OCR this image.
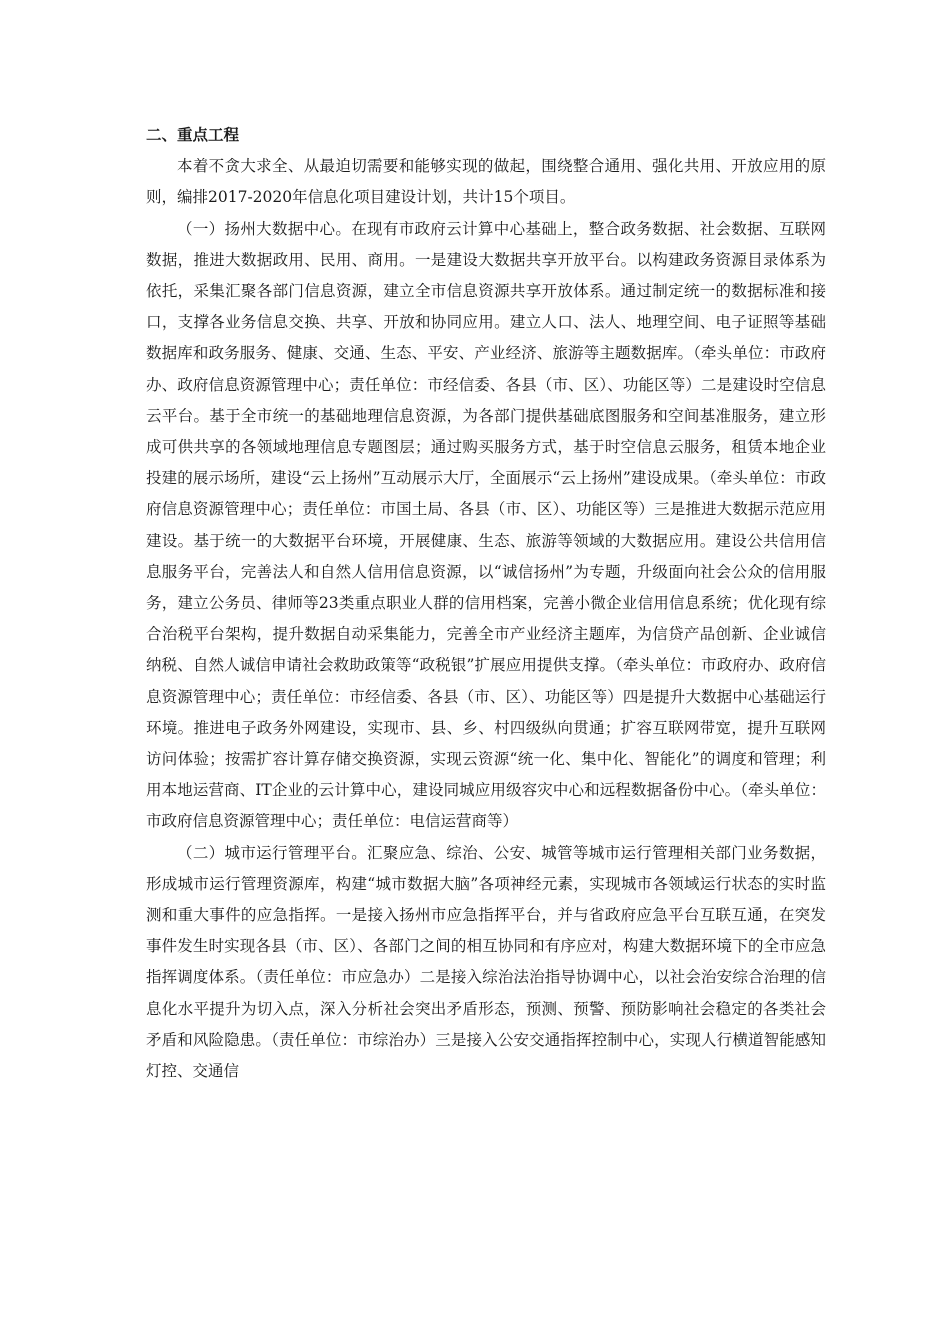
二、重点工程

本着不贪大求全、从最迫切需要和能够实现的做起，围绕整合通用、强化共用、开放应用的原则，编排2017-2020年信息化项目建设计划，共计15个项目。

（一）扬州大数据中心。在现有市政府云计算中心基础上，整合政务数据、社会数据、互联网数据，推进大数据政用、民用、商用。一是建设大数据共享开放平台。以构建政务资源目录体系为依托，采集汇聚各部门信息资源，建立全市信息资源共享开放体系。通过制定统一的数据标准和接口，支撑各业务信息交换、共享、开放和协同应用。建立人口、法人、地理空间、电子证照等基础数据库和政务服务、健康、交通、生态、平安、产业经济、旅游等主题数据库。（牵头单位：市政府办、政府信息资源管理中心；责任单位：市经信委、各县（市、区）、功能区等）二是建设时空信息云平台。基于全市统一的基础地理信息资源，为各部门提供基础底图服务和空间基准服务，建立形成可供共享的各领域地理信息专题图层；通过购买服务方式，基于时空信息云服务，租赁本地企业投建的展示场所，建设“云上扬州”互动展示大厅，全面展示“云上扬州”建设成果。（牵头单位：市政府信息资源管理中心；责任单位：市国土局、各县（市、区）、功能区等）三是推进大数据示范应用建设。基于统一的大数据平台环境，开展健康、生态、旅游等领域的大数据应用。建设公共信用信息服务平台，完善法人和自然人信用信息资源，以“诚信扬州”为专题，升级面向社会公众的信用服务，建立公务员、律师等23类重点职业人群的信用档案，完善小微企业信用信息系统；优化现有综合治税平台架构，提升数据自动采集能力，完善全市产业经济主题库，为信贷产品创新、企业诚信纳税、自然人诚信申请社会救助政策等“政税银”扩展应用提供支撑。（牵头单位：市政府办、政府信息资源管理中心；责任单位：市经信委、各县（市、区）、功能区等）四是提升大数据中心基础运行环境。推进电子政务外网建设，实现市、县、乡、村四级纵向贯通；扩容互联网带宽，提升互联网访问体验；按需扩容计算存储交换资源，实现云资源“统一化、集中化、智能化”的调度和管理；利用本地运营商、IT企业的云计算中心，建设同城应用级容灾中心和远程数据备份中心。（牵头单位：市政府信息资源管理中心；责任单位：电信运营商等）

（二）城市运行管理平台。汇聚应急、综治、公安、城管等城市运行管理相关部门业务数据，形成城市运行管理资源库，构建“城市数据大脑”各项神经元素，实现城市各领域运行状态的实时监测和重大事件的应急指挥。一是接入扬州市应急指挥平台，并与省政府应急平台互联互通，在突发事件发生时实现各县（市、区）、各部门之间的相互协同和有序应对，构建大数据环境下的全市应急指挥调度体系。（责任单位：市应急办）二是接入综治法治指导协调中心，以社会治安综合治理的信息化水平提升为切入点，深入分析社会突出矛盾形态，预测、预警、预防影响社会稳定的各类社会矛盾和风险隐患。（责任单位：市综治办）三是接入公安交通指挥控制中心，实现人行横道智能感知灯控、交通信
